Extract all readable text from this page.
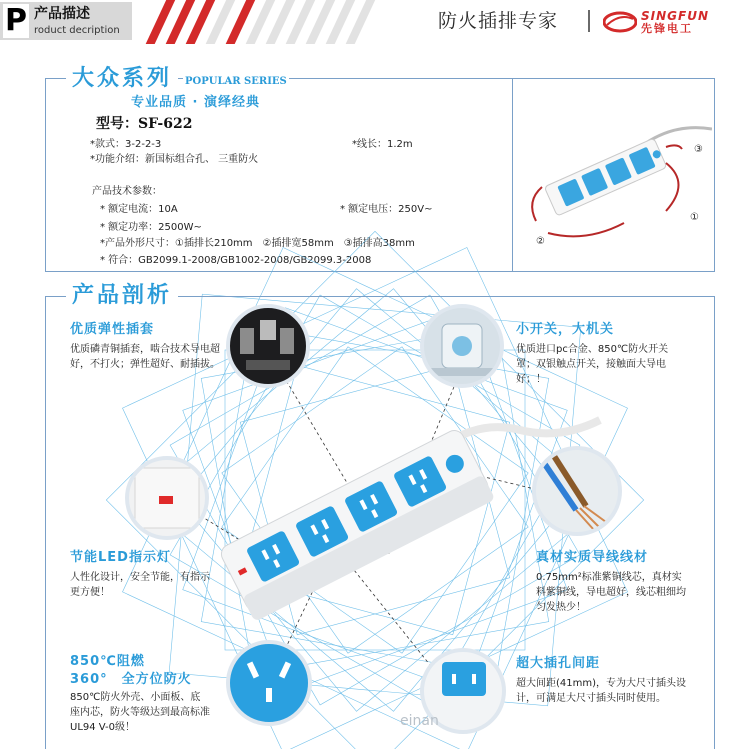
P 产品描述
roduct decription	防火插排专家	SINGFUN
先锋电工
大众系列	POPULAR SERIES
专业品质 · 演绎经典
型号：SF-622
*款式：3-2-2-3	*线长：1.2m
*功能介绍：新国标组合孔、 三重防火
产品技术参数：
* 额定电流：10A	* 额定电压：250V~
* 额定功率：2500W~
*产品外形尺寸：①插排长210mm　②插排宽58mm　③插排高38mm
* 符合：GB2099.1-2008/GB1002-2008/GB2099.3-2008
①
②
③
产品剖析
优质弹性插套
优质磷青铜插套，啮合技术导电超好，不打火；弹性超好、耐插拔。
小开关，大机关
优质进口pc合金、850℃防火开关罩；双银触点开关，接触面大导电好；！
节能LED指示灯
人性化设计，安全节能，有指示更方便！
真材实质导线线材
0.75mm²标准紫铜线芯，真材实料紫铜线，导电超好，线芯粗细均匀发热少！
850℃阻燃
360°　全方位防火
850℃防火外壳、小面板、底座内芯，防火等级达到最高标准UL94 V-0级！
超大插孔间距
超大间距(41mm)，专为大尺寸插头设计，可满足大尺寸插头同时使用。
einan
